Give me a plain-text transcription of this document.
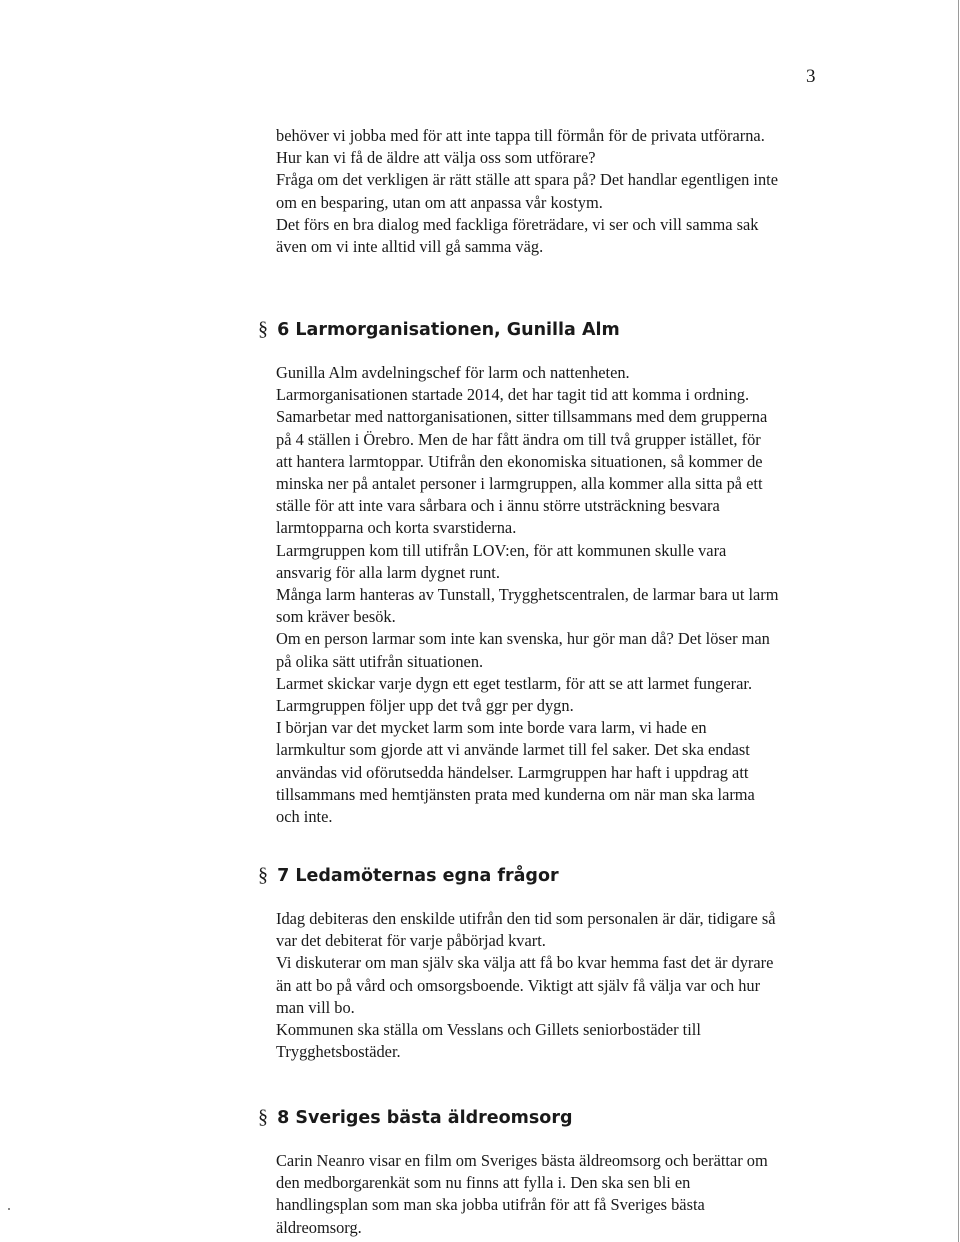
3

behöver vi jobba med för att inte tappa till förmån för de privata utförarna.

Hur kan vi få de äldre att välja oss som utförare?

Fråga om det verkligen är rätt ställe att spara på? Det handlar egentligen inte

om en besparing, utan om att anpassa vår kostym.

Det förs en bra dialog med fackliga företrädare, vi ser och vill samma sak

även om vi inte alltid vill gå samma väg.

§ 6 Larmorganisationen, Gunilla Alm

Gunilla Alm avdelningschef för larm och nattenheten.

Larmorganisationen startade 2014, det har tagit tid att komma i ordning.

Samarbetar med nattorganisationen, sitter tillsammans med dem grupperna

på 4 ställen i Örebro. Men de har fått ändra om till två grupper istället, för

att hantera larmtoppar. Utifrån den ekonomiska situationen, så kommer de

minska ner på antalet personer i larmgruppen, alla kommer alla sitta på ett

ställe för att inte vara sårbara och i ännu större utsträckning besvara

larmtopparna och korta svarstiderna.

Larmgruppen kom till utifrån LOV:en, för att kommunen skulle vara

ansvarig för alla larm dygnet runt.

Många larm hanteras av Tunstall, Trygghetscentralen, de larmar bara ut larm

som kräver besök.

Om en person larmar som inte kan svenska, hur gör man då? Det löser man

på olika sätt utifrån situationen.

Larmet skickar varje dygn ett eget testlarm, för att se att larmet fungerar.

Larmgruppen följer upp det två ggr per dygn.

I början var det mycket larm som inte borde vara larm, vi hade en

larmkultur som gjorde att vi använde larmet till fel saker. Det ska endast

användas vid oförutsedda händelser. Larmgruppen har haft i uppdrag att

tillsammans med hemtjänsten prata med kunderna om när man ska larma

och inte.

§ 7 Ledamöternas egna frågor

Idag debiteras den enskilde utifrån den tid som personalen är där, tidigare så

var det debiterat för varje påbörjad kvart.

Vi diskuterar om man själv ska välja att få bo kvar hemma fast det är dyrare

än att bo på vård och omsorgsboende. Viktigt att själv få välja var och hur

man vill bo.

Kommunen ska ställa om Vesslans och Gillets seniorbostäder till

Trygghetsbostäder.

§ 8 Sveriges bästa äldreomsorg

Carin Neanro visar en film om Sveriges bästa äldreomsorg och berättar om

den medborgarenkät som nu finns att fylla i. Den ska sen bli en

handlingsplan som man ska jobba utifrån för att få Sveriges bästa

äldreomsorg.
